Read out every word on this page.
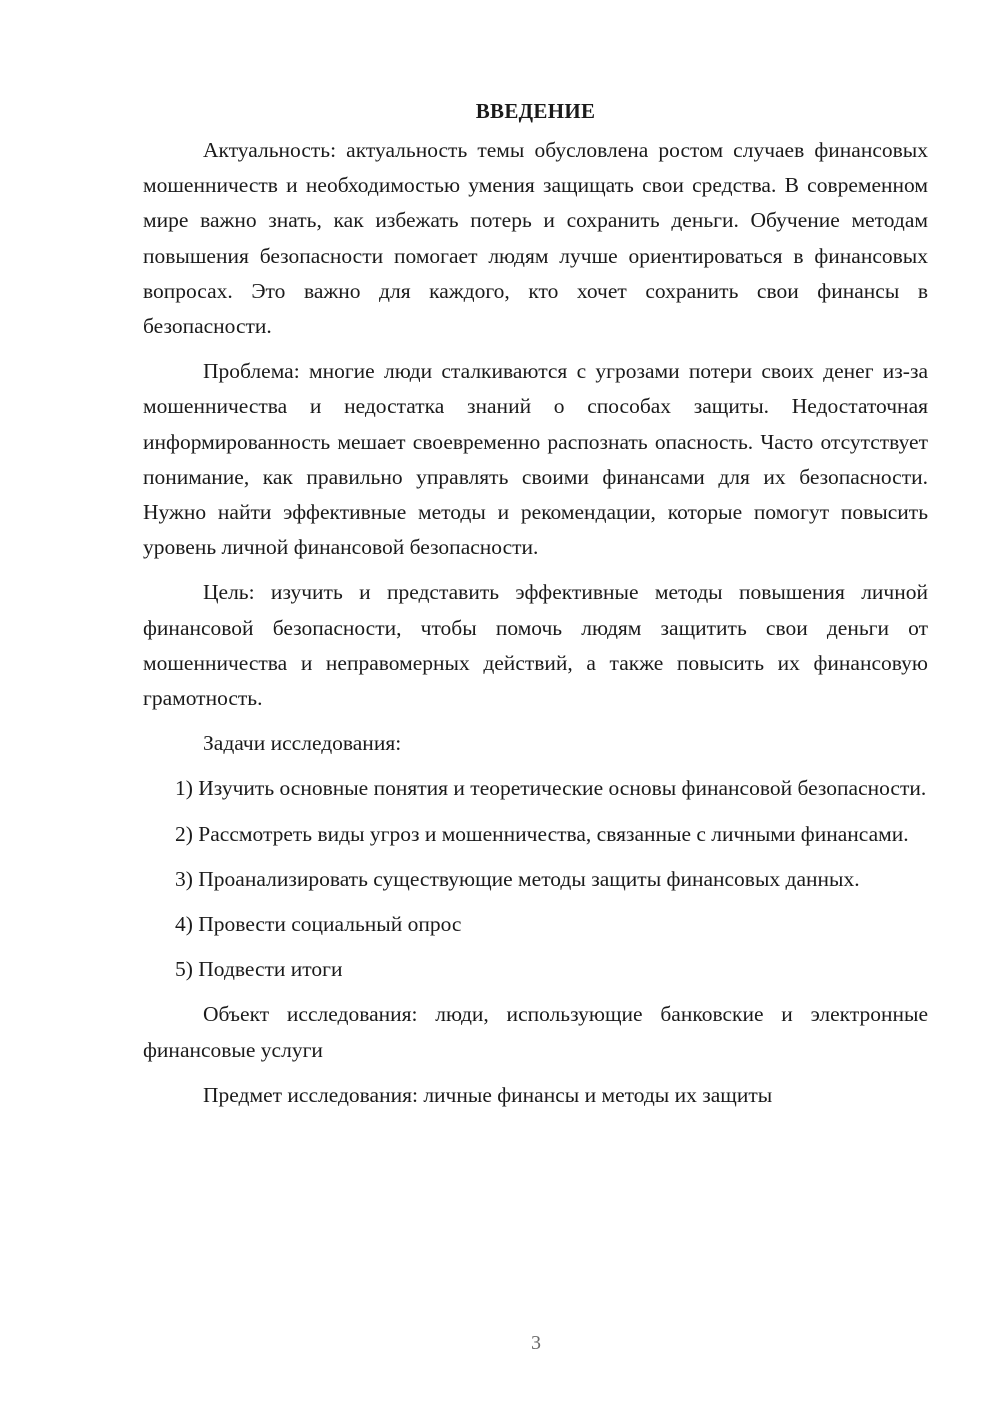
ВВЕДЕНИЕ

Актуальность: актуальность темы обусловлена ростом случаев финансовых мошенничеств и необходимостью умения защищать свои средства. В современном мире важно знать, как избежать потерь и сохранить деньги. Обучение методам повышения безопасности помогает людям лучше ориентироваться в финансовых вопросах. Это важно для каждого, кто хочет сохранить свои финансы в безопасности.

Проблема: многие люди сталкиваются с угрозами потери своих денег из-за мошенничества и недостатка знаний о способах защиты. Недостаточная информированность мешает своевременно распознать опасность. Часто отсутствует понимание, как правильно управлять своими финансами для их безопасности. Нужно найти эффективные методы и рекомендации, которые помогут повысить уровень личной финансовой безопасности.

Цель: изучить и представить эффективные методы повышения личной финансовой безопасности, чтобы помочь людям защитить свои деньги от мошенничества и неправомерных действий, а также повысить их финансовую грамотность.

Задачи исследования:

1) Изучить основные понятия и теоретические основы финансовой безопасности.

2) Рассмотреть виды угроз и мошенничества, связанные с личными финансами.

3) Проанализировать существующие методы защиты финансовых данных.

4) Провести социальный опрос

5) Подвести итоги

Объект исследования: люди, использующие банковские и электронные финансовые услуги

Предмет исследования: личные финансы и методы их защиты

3
